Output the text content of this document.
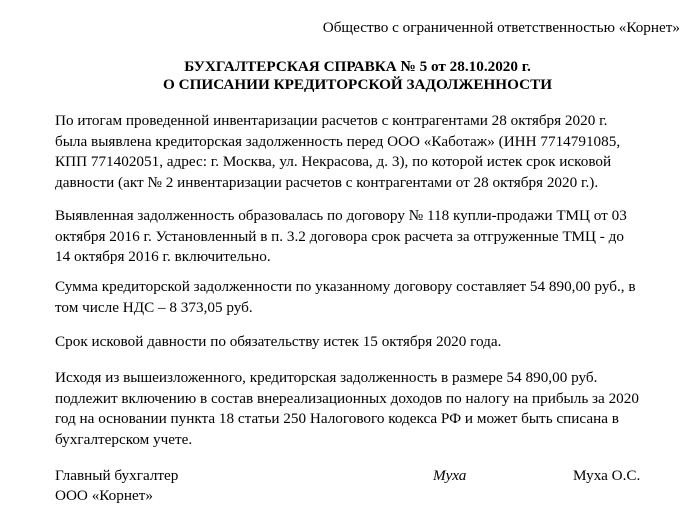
Общество с ограниченной ответственностью «Корнет»
БУХГАЛТЕРСКАЯ СПРАВКА № 5 от 28.10.2020 г.
О СПИСАНИИ КРЕДИТОРСКОЙ ЗАДОЛЖЕННОСТИ
По итогам проведенной инвентаризации расчетов с контрагентами 28 октября 2020 г.
была выявлена кредиторская задолженность перед ООО «Каботаж» (ИНН 7714791085,
КПП 771402051, адрес: г. Москва, ул. Некрасова, д. 3), по которой истек срок исковой
давности (акт № 2 инвентаризации расчетов с контрагентами от 28 октября 2020 г.).
Выявленная задолженность образовалась по договору № 118 купли-продажи ТМЦ от 03
октября 2016 г. Установленный в п. 3.2 договора срок расчета за отгруженные ТМЦ - до
14 октября 2016 г. включительно.
Сумма кредиторской задолженности по указанному договору составляет 54 890,00 руб., в
том числе НДС – 8 373,05 руб.
Срок исковой давности по обязательству истек 15 октября 2020 года.
Исходя из вышеизложенного, кредиторская задолженность в размере 54 890,00 руб.
подлежит включению в состав внереализационных доходов по налогу на прибыль за 2020
год на основании пункта 18 статьи 250 Налогового кодекса РФ и может быть списана в
бухгалтерском учете.
Главный бухгалтер
ООО «Корнет»
Муха	Муха О.С.
